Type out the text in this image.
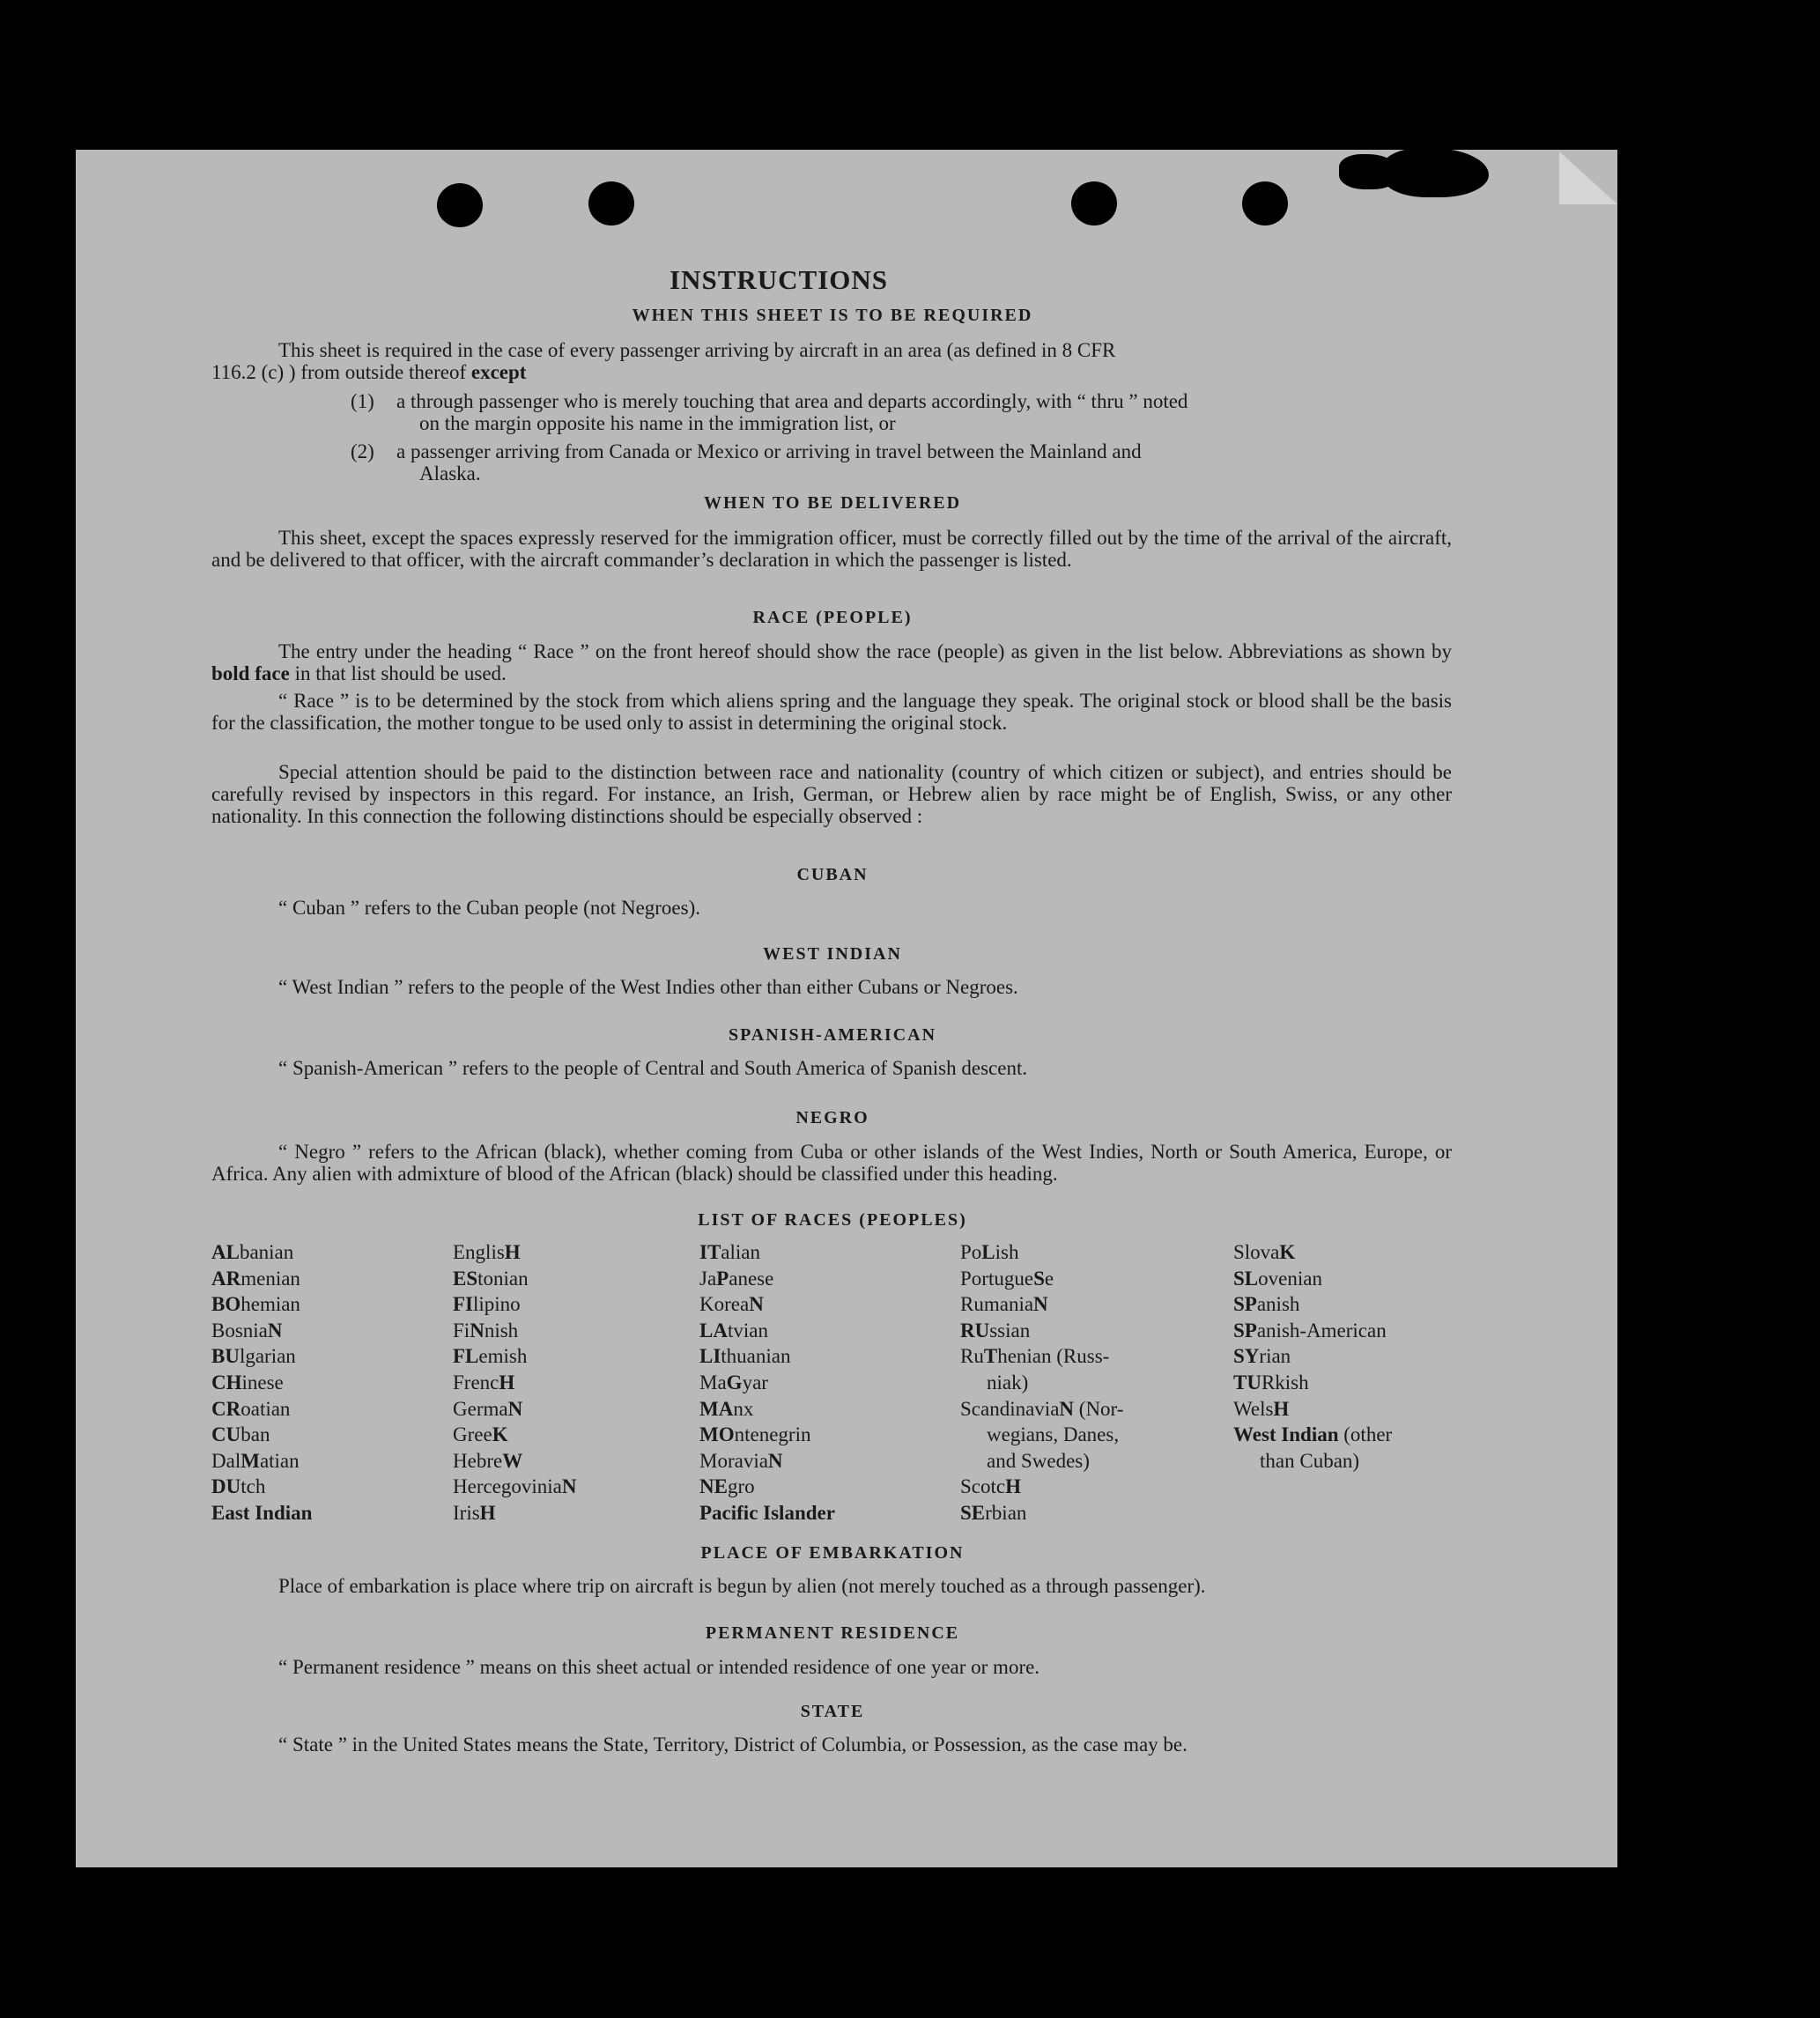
INSTRUCTIONS
WHEN THIS SHEET IS TO BE REQUIRED
This sheet is required in the case of every passenger arriving by aircraft in an area (as defined in 8 CFR
116.2 (c) ) from outside thereof except
(1) a through passenger who is merely touching that area and departs accordingly, with “ thru ” noted
on the margin opposite his name in the immigration list, or
(2) a passenger arriving from Canada or Mexico or arriving in travel between the Mainland and
Alaska.
WHEN TO BE DELIVERED
This sheet, except the spaces expressly reserved for the immigration officer, must be correctly filled out by the time of the arrival of the aircraft, and be delivered to that officer, with the aircraft commander’s declaration in which the passenger is listed.
RACE (PEOPLE)
The entry under the heading “ Race ” on the front hereof should show the race (people) as given in the list below. Abbreviations as shown by bold face in that list should be used.
“ Race ” is to be determined by the stock from which aliens spring and the language they speak. The original stock or blood shall be the basis for the classification, the mother tongue to be used only to assist in determining the original stock.
Special attention should be paid to the distinction between race and nationality (country of which citizen or subject), and entries should be carefully revised by inspectors in this regard. For instance, an Irish, German, or Hebrew alien by race might be of English, Swiss, or any other nationality. In this connection the following distinctions should be especially observed :
CUBAN
“ Cuban ” refers to the Cuban people (not Negroes).
WEST INDIAN
“ West Indian ” refers to the people of the West Indies other than either Cubans or Negroes.
SPANISH-AMERICAN
“ Spanish-American ” refers to the people of Central and South America of Spanish descent.
NEGRO
“ Negro ” refers to the African (black), whether coming from Cuba or other islands of the West Indies, North or South America, Europe, or Africa. Any alien with admixture of blood of the African (black) should be classified under this heading.
LIST OF RACES (PEOPLES)
ALbanian
ARmenian
BOhemian
BosniaN
BUlgarian
CHinese
CRoatian
CUban
DalMatian
DUtch
East Indian
EnglisH
EStonian
FIlipino
FiNnish
FLemish
FrencH
GermaN
GreeK
HebreW
HercegoviniaN
IrisH
ITalian
JaPanese
KoreaN
LAtvian
LIthuanian
MaGyar
MAnx
MOntenegrin
MoraviaN
NEgro
Pacific Islander
PoLish
PortugueSe
RumaniaN
RUssian
RuThenian (Russ-
niak)
ScandinaviaN (Nor-
wegians, Danes,
and Swedes)
ScotcH
SErbian
SlovaK
SLovenian
SPanish
SPanish-American
SYrian
TURkish
WelsH
West Indian (other
than Cuban)
PLACE OF EMBARKATION
Place of embarkation is place where trip on aircraft is begun by alien (not merely touched as a through passenger).
PERMANENT RESIDENCE
“ Permanent residence ” means on this sheet actual or intended residence of one year or more.
STATE
“ State ” in the United States means the State, Territory, District of Columbia, or Possession, as the case may be.
